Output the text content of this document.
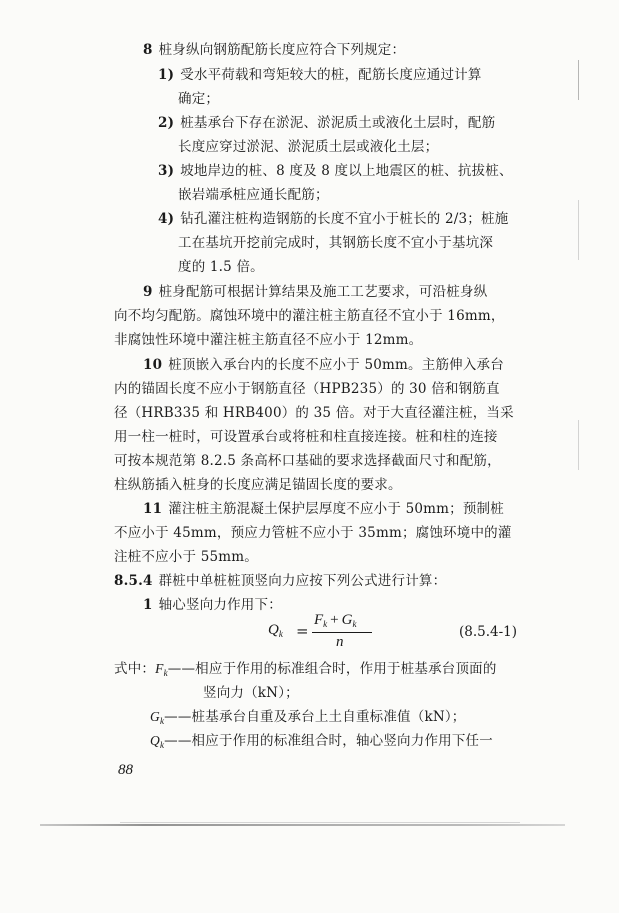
8 桩身纵向钢筋配筋长度应符合下列规定：
1) 受水平荷载和弯矩较大的桩，配筋长度应通过计算
确定；
2) 桩基承台下存在淤泥、淤泥质土或液化土层时，配筋
长度应穿过淤泥、淤泥质土层或液化土层；
3) 坡地岸边的桩、8 度及 8 度以上地震区的桩、抗拔桩、
嵌岩端承桩应通长配筋；
4) 钻孔灌注桩构造钢筋的长度不宜小于桩长的 2/3；桩施
工在基坑开挖前完成时，其钢筋长度不宜小于基坑深
度的 1.5 倍。
9 桩身配筋可根据计算结果及施工工艺要求，可沿桩身纵
向不均匀配筋。腐蚀环境中的灌注桩主筋直径不宜小于 16mm，
非腐蚀性环境中灌注桩主筋直径不应小于 12mm。
10 桩顶嵌入承台内的长度不应小于 50mm。主筋伸入承台
内的锚固长度不应小于钢筋直径（HPB235）的 30 倍和钢筋直
径（HRB335 和 HRB400）的 35 倍。对于大直径灌注桩，当采
用一柱一桩时，可设置承台或将桩和柱直接连接。桩和柱的连接
可按本规范第 8.2.5 条高杯口基础的要求选择截面尺寸和配筋，
柱纵筋插入桩身的长度应满足锚固长度的要求。
11 灌注桩主筋混凝土保护层厚度不应小于 50mm；预制桩
不应小于 45mm，预应力管桩不应小于 35mm；腐蚀环境中的灌
注桩不应小于 55mm。
8.5.4 群桩中单桩桩顶竖向力应按下列公式进行计算：
1 轴心竖向力作用下：
$Q_k$ =
$F_k + G_k$
n
(8.5.4-1)
式中：$F_k——$相应于作用的标准组合时，作用于桩基承台顶面的
竖向力（kN）；
$G_k——$桩基承台自重及承台上土自重标准值（kN）；
$Q_k——$相应于作用的标准组合时，轴心竖向力作用下任一
88
